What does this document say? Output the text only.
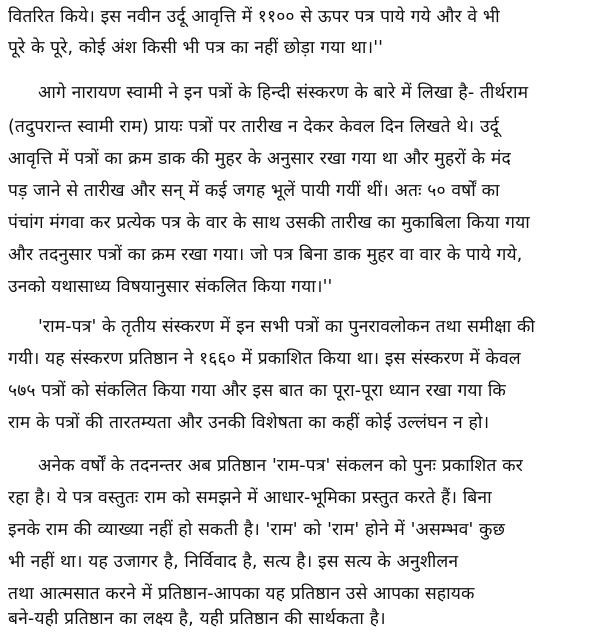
वितरित किये। इस नवीन उर्दू आवृत्ति में ११०० से ऊपर पत्र पाये गये और वे भी
पूरे के पूरे, कोई अंश किसी भी पत्र का नहीं छोड़ा गया था।''
आगे नारायण स्वामी ने इन पत्रों के हिन्दी संस्करण के बारे में लिखा है- तीर्थराम
(तदुपरान्त स्वामी राम) प्रायः पत्रों पर तारीख न देकर केवल दिन लिखते थे। उर्दू
आवृत्ति में पत्रों का क्रम डाक की मुहर के अनुसार रखा गया था और मुहरों के मंद
पड़ जाने से तारीख और सन् में कई जगह भूलें पायी गयीं थीं। अतः ५० वर्षों का
पंचांग मंगवा कर प्रत्येक पत्र के वार के साथ उसकी तारीख का मुकाबिला किया गया
और तदनुसार पत्रों का क्रम रखा गया। जो पत्र बिना डाक मुहर वा वार के पाये गये,
उनको यथासाध्य विषयानुसार संकलित किया गया।''
'राम-पत्र' के तृतीय संस्करण में इन सभी पत्रों का पुनरावलोकन तथा समीक्षा की
गयी। यह संस्करण प्रतिष्ठान ने १६६० में प्रकाशित किया था। इस संस्करण में केवल
५७५ पत्रों को संकलित किया गया और इस बात का पूरा-पूरा ध्यान रखा गया कि
राम के पत्रों की तारतम्यता और उनकी विशेषता का कहीं कोई उल्लंघन न हो।
अनेक वर्षों के तदनन्तर अब प्रतिष्ठान 'राम-पत्र' संकलन को पुनः प्रकाशित कर
रहा है। ये पत्र वस्तुतः राम को समझने में आधार-भूमिका प्रस्तुत करते हैं। बिना
इनके राम की व्याख्या नहीं हो सकती है। 'राम' को 'राम' होने में 'असम्भव' कुछ
भी नहीं था। यह उजागर है, निर्विवाद है, सत्य है। इस सत्य के अनुशीलन
तथा आत्मसात करने में प्रतिष्ठान-आपका यह प्रतिष्ठान उसे आपका सहायक
बने-यही प्रतिष्ठान का लक्ष्य है, यही प्रतिष्ठान की सार्थकता है।
